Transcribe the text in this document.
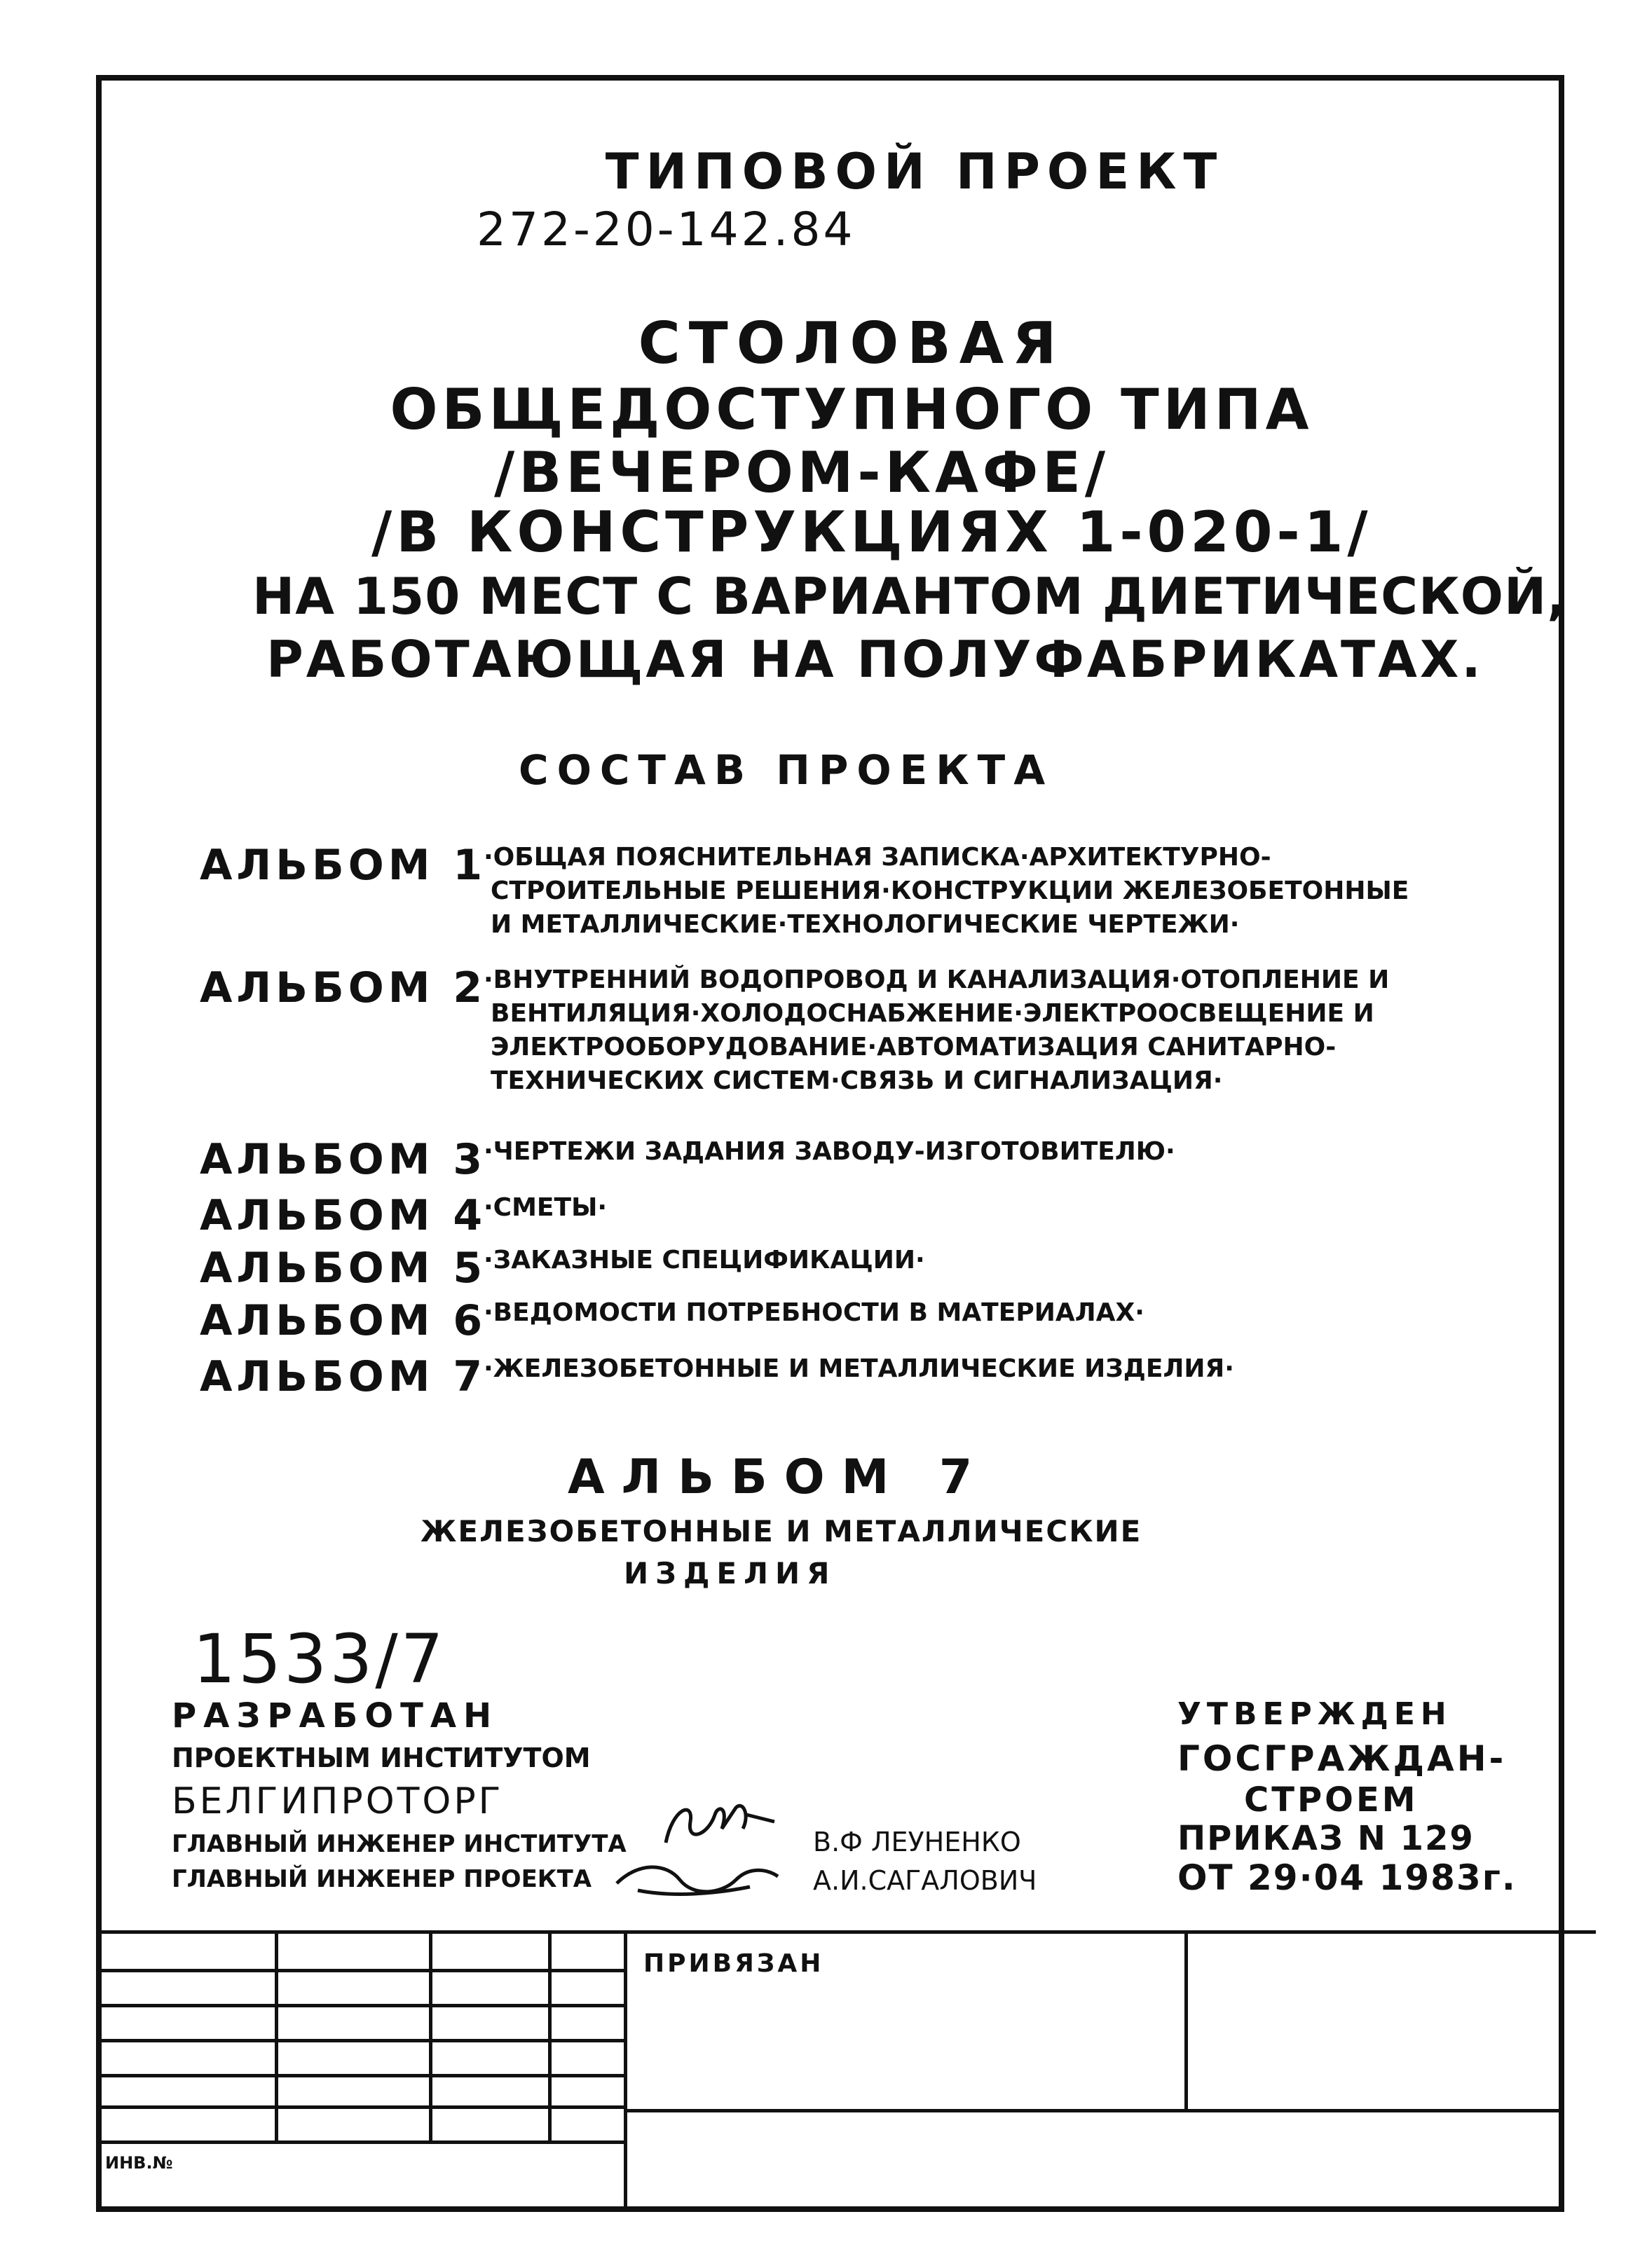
ТИПОВОЙ ПРОЕКТ
272-20-142.84
СТОЛОВАЯ
ОБЩЕДОСТУПНОГО ТИПА
/ВЕЧЕРОМ-КАФЕ/
/В КОНСТРУКЦИЯХ 1-020-1/
НА 150 МЕСТ С ВАРИАНТОМ ДИЕТИЧЕСКОЙ,
РАБОТАЮЩАЯ НА ПОЛУФАБРИКАТАХ.
СОСТАВ ПРОЕКТА
АЛЬБОМ 1
·ОБЩАЯ ПОЯСНИТЕЛЬНАЯ ЗАПИСКА·АРХИТЕКТУРНО-
СТРОИТЕЛЬНЫЕ РЕШЕНИЯ·КОНСТРУКЦИИ ЖЕЛЕЗОБЕТОННЫЕ
И МЕТАЛЛИЧЕСКИЕ·ТЕХНОЛОГИЧЕСКИЕ ЧЕРТЕЖИ·
АЛЬБОМ 2
·ВНУТРЕННИЙ ВОДОПРОВОД И КАНАЛИЗАЦИЯ·ОТОПЛЕНИЕ И
ВЕНТИЛЯЦИЯ·ХОЛОДОСНАБЖЕНИЕ·ЭЛЕКТРООСВЕЩЕНИЕ И
ЭЛЕКТРООБОРУДОВАНИЕ·АВТОМАТИЗАЦИЯ САНИТАРНО-
ТЕХНИЧЕСКИХ СИСТЕМ·СВЯЗЬ И СИГНАЛИЗАЦИЯ·
АЛЬБОМ 3
·ЧЕРТЕЖИ ЗАДАНИЯ ЗАВОДУ-ИЗГОТОВИТЕЛЮ·
АЛЬБОМ 4
·СМЕТЫ·
АЛЬБОМ 5
·ЗАКАЗНЫЕ СПЕЦИФИКАЦИИ·
АЛЬБОМ 6
·ВЕДОМОСТИ ПОТРЕБНОСТИ В МАТЕРИАЛАХ·
АЛЬБОМ 7
·ЖЕЛЕЗОБЕТОННЫЕ И МЕТАЛЛИЧЕСКИЕ ИЗДЕЛИЯ·
АЛЬБОМ 7
ЖЕЛЕЗОБЕТОННЫЕ И МЕТАЛЛИЧЕСКИЕ
ИЗДЕЛИЯ
1533/7
РАЗРАБОТАН
ПРОЕКТНЫМ ИНСТИТУТОМ
БЕЛГИПРОТОРГ
ГЛАВНЫЙ ИНЖЕНЕР ИНСТИТУТА
ГЛАВНЫЙ ИНЖЕНЕР ПРОЕКТА
В.Ф ЛЕУНЕНКО
А.И.САГАЛОВИЧ
УТВЕРЖДЕН
ГОСГРАЖДАН-
СТРОЕМ
ПРИКАЗ N 129
ОТ 29·04 1983г.
ПРИВЯЗАН
ИНВ.№
